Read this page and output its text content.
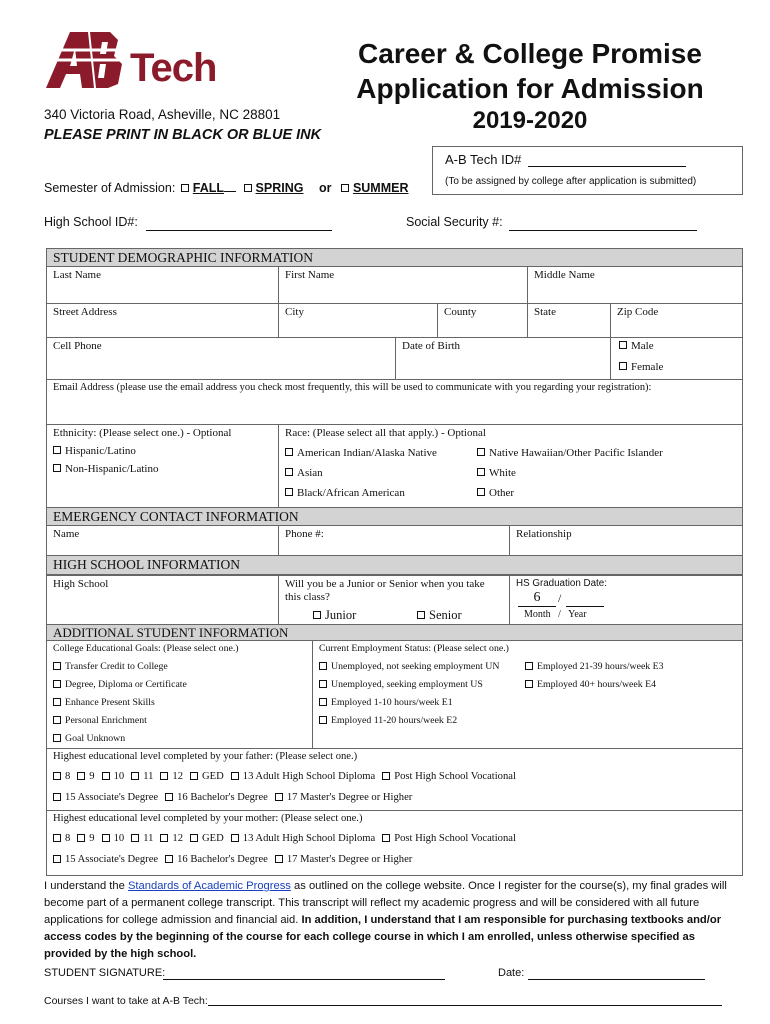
Tech	Career & College Promise
Application for Admission
2019-2020
340 Victoria Road, Asheville, NC 28801
PLEASE PRINT IN BLACK OR BLUE INK
A-B Tech ID#
(To be assigned by college after application is submitted)
Semester of Admission: FALL	SPRING or SUMMER
High School ID#:	Social Security #:
STUDENT DEMOGRAPHIC INFORMATION
Last Name	First Name	Middle Name
Street Address	City	County	State	Zip Code
Cell Phone	Date of Birth	Male
Female
Email Address (please use the email address you check most frequently, this will be used to communicate with you regarding your registration):
Ethnicity: (Please select one.) - Optional
Hispanic/Latino
Non-Hispanic/Latino
Race: (Please select all that apply.) - Optional
American Indian/Alaska Native	Native Hawaiian/Other Pacific Islander
Asian	White
Black/African American	Other
EMERGENCY CONTACT INFORMATION
Name	Phone #:	Relationship
HIGH SCHOOL INFORMATION
High School	Will you be a Junior or Senior when you take this class?
Junior	Senior
HS Graduation Date:
6	/
Month / Year
ADDITIONAL STUDENT INFORMATION
College Educational Goals: (Please select one.)
Transfer Credit to College
Degree, Diploma or Certificate
Enhance Present Skills
Personal Enrichment
Goal Unknown
Current Employment Status: (Please select one.)
Unemployed, not seeking employment UN	Employed 21-39 hours/week E3
Unemployed, seeking employment US	Employed 40+ hours/week E4
Employed 1-10 hours/week E1
Employed 11-20 hours/week E2
Highest educational level completed by your father: (Please select one.)
8 9 10 11 12 GED 13 Adult High School Diploma Post High School Vocational
15 Associate's Degree 16 Bachelor's Degree 17 Master's Degree or Higher
Highest educational level completed by your mother: (Please select one.)
8 9 10 11 12 GED 13 Adult High School Diploma Post High School Vocational
15 Associate's Degree 16 Bachelor's Degree 17 Master's Degree or Higher
I understand the Standards of Academic Progress as outlined on the college website. Once I register for the course(s), my final grades will become part of a permanent college transcript. This transcript will reflect my academic progress and will be considered with all future applications for college admission and financial aid. In addition, I understand that I am responsible for purchasing textbooks and/or access codes by the beginning of the course for each college course in which I am enrolled, unless otherwise specified as provided by the high school.
STUDENT SIGNATURE:	Date:
Courses I want to take at A-B Tech:
